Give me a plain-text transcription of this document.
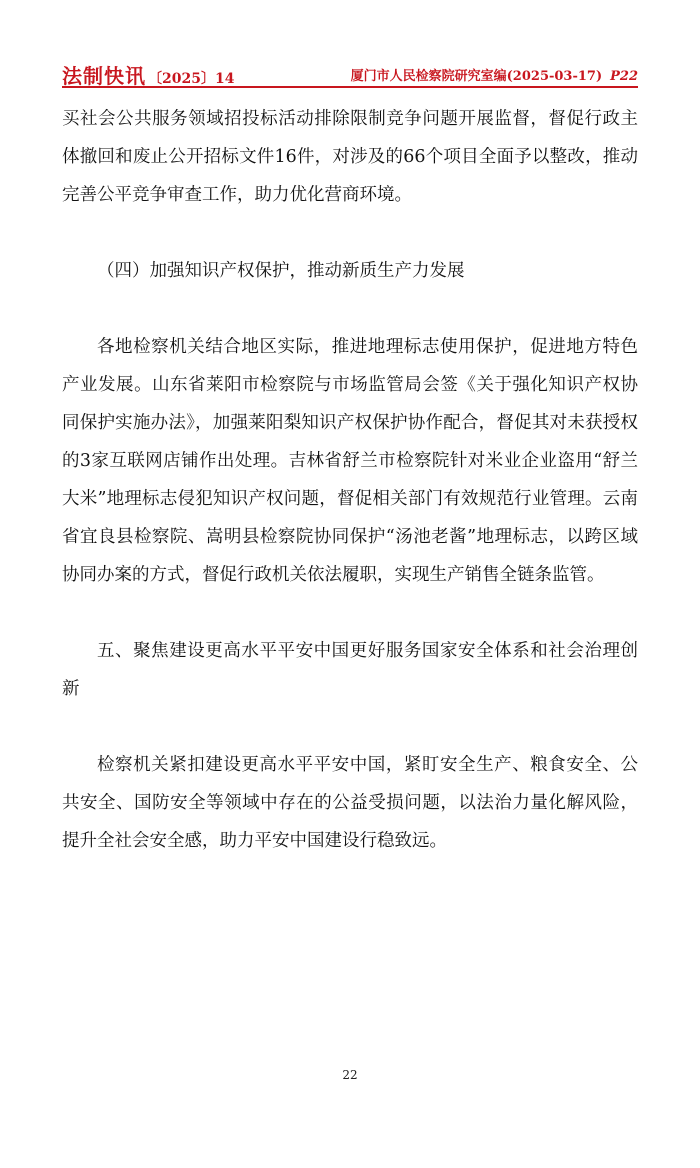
法制快讯 〔2025〕14	厦门市人民检察院研究室编(2025-03-17) P22

买社会公共服务领域招投标活动排除限制竞争问题开展监督，督促行政主体撤回和废止公开招标文件16件，对涉及的66个项目全面予以整改，推动完善公平竞争审查工作，助力优化营商环境。

（四）加强知识产权保护，推动新质生产力发展

各地检察机关结合地区实际，推进地理标志使用保护，促进地方特色产业发展。山东省莱阳市检察院与市场监管局会签《关于强化知识产权协同保护实施办法》，加强莱阳梨知识产权保护协作配合，督促其对未获授权的3家互联网店铺作出处理。吉林省舒兰市检察院针对米业企业盗用“舒兰大米”地理标志侵犯知识产权问题，督促相关部门有效规范行业管理。云南省宜良县检察院、嵩明县检察院协同保护“汤池老酱”地理标志，以跨区域协同办案的方式，督促行政机关依法履职，实现生产销售全链条监管。

五、聚焦建设更高水平平安中国更好服务国家安全体系和社会治理创新

检察机关紧扣建设更高水平平安中国，紧盯安全生产、粮食安全、公共安全、国防安全等领域中存在的公益受损问题，以法治力量化解风险，提升全社会安全感，助力平安中国建设行稳致远。

22
